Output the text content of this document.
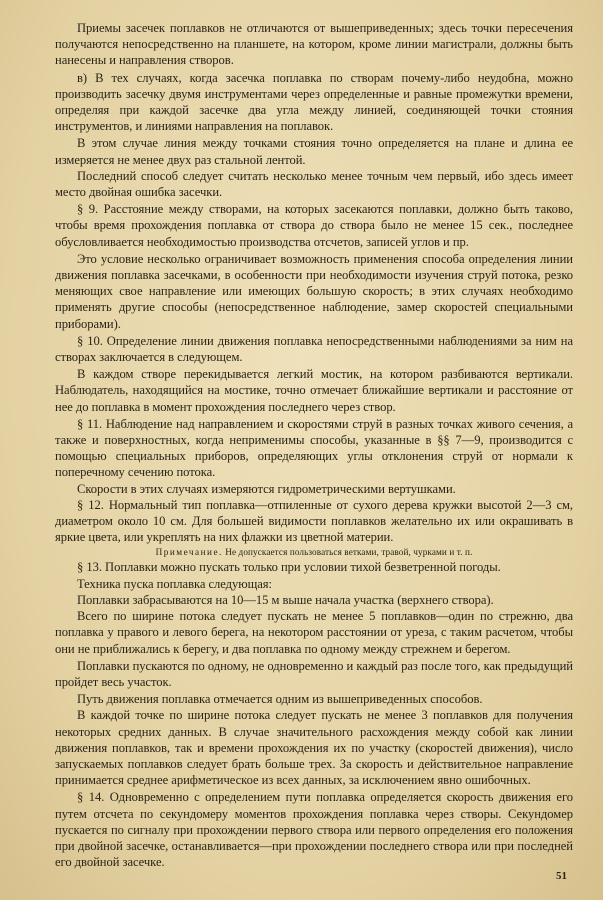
Приемы засечек поплавков не отличаются от вышеприведенных; здесь точки пересечения получаются непосредственно на планшете, на котором, кроме линии магистрали, должны быть нанесены и направления створов.

в) В тех случаях, когда засечка поплавка по створам почему-либо неудобна, можно производить засечку двумя инструментами через определенные и равные промежутки времени, определяя при каждой засечке два угла между линией, соединяющей точки стояния инструментов, и линиями направления на поплавок.

В этом случае линия между точками стояния точно определяется на плане и длина ее измеряется не менее двух раз стальной лентой.

Последний способ следует считать несколько менее точным чем первый, ибо здесь имеет место двойная ошибка засечки.

§ 9. Расстояние между створами, на которых засекаются поплавки, должно быть таково, чтобы время прохождения поплавка от створа до створа было не менее 15 сек., последнее обусловливается необходимостью производства отсчетов, записей углов и пр.

Это условие несколько ограничивает возможность применения способа определения линии движения поплавка засечками, в особенности при необходимости изучения струй потока, резко меняющих свое направление или имеющих большую скорость; в этих случаях необходимо применять другие способы (непосредственное наблюдение, замер скоростей специальными приборами).

§ 10. Определение линии движения поплавка непосредственными наблюдениями за ним на створах заключается в следующем.

В каждом створе перекидывается легкий мостик, на котором разбиваются вертикали. Наблюдатель, находящийся на мостике, точно отмечает ближайшие вертикали и расстояние от нее до поплавка в момент прохождения последнего через створ.

§ 11. Наблюдение над направлением и скоростями струй в разных точках живого сечения, а также и поверхностных, когда неприменимы способы, указанные в §§ 7—9, производится с помощью специальных приборов, определяющих углы отклонения струй от нормали к поперечному сечению потока.

Скорости в этих случаях измеряются гидрометрическими вертушками.

§ 12. Нормальный тип поплавка—отпиленные от сухого дерева кружки высотой 2—3 см, диаметром около 10 см. Для большей видимости поплавков желательно их или окрашивать в яркие цвета, или укреплять на них флажки из цветной материи.

Примечание. Не допускается пользоваться ветками, травой, чурками и т. п.

§ 13. Поплавки можно пускать только при условии тихой безветренной погоды.

Техника пуска поплавка следующая:

Поплавки забрасываются на 10—15 м выше начала участка (верхнего створа).

Всего по ширине потока следует пускать не менее 5 поплавков—один по стрежню, два поплавка у правого и левого берега, на некотором расстоянии от уреза, с таким расчетом, чтобы они не приближались к берегу, и два поплавка по одному между стрежнем и берегом.

Поплавки пускаются по одному, не одновременно и каждый раз после того, как предыдущий пройдет весь участок.

Путь движения поплавка отмечается одним из вышеприведенных способов.

В каждой точке по ширине потока следует пускать не менее 3 поплавков для получения некоторых средних данных. В случае значительного расхождения между собой как линии движения поплавков, так и времени прохождения их по участку (скоростей движения), число запускаемых поплавков следует брать больше трех. За скорость и действительное направление принимается среднее арифметическое из всех данных, за исключением явно ошибочных.

§ 14. Одновременно с определением пути поплавка определяется скорость движения его путем отсчета по секундомеру моментов прохождения поплавка через створы. Секундомер пускается по сигналу при прохождении первого створа или первого определения его положения при двойной засечке, останавливается—при прохождении последнего створа или при последней его двойной засечке.

51
